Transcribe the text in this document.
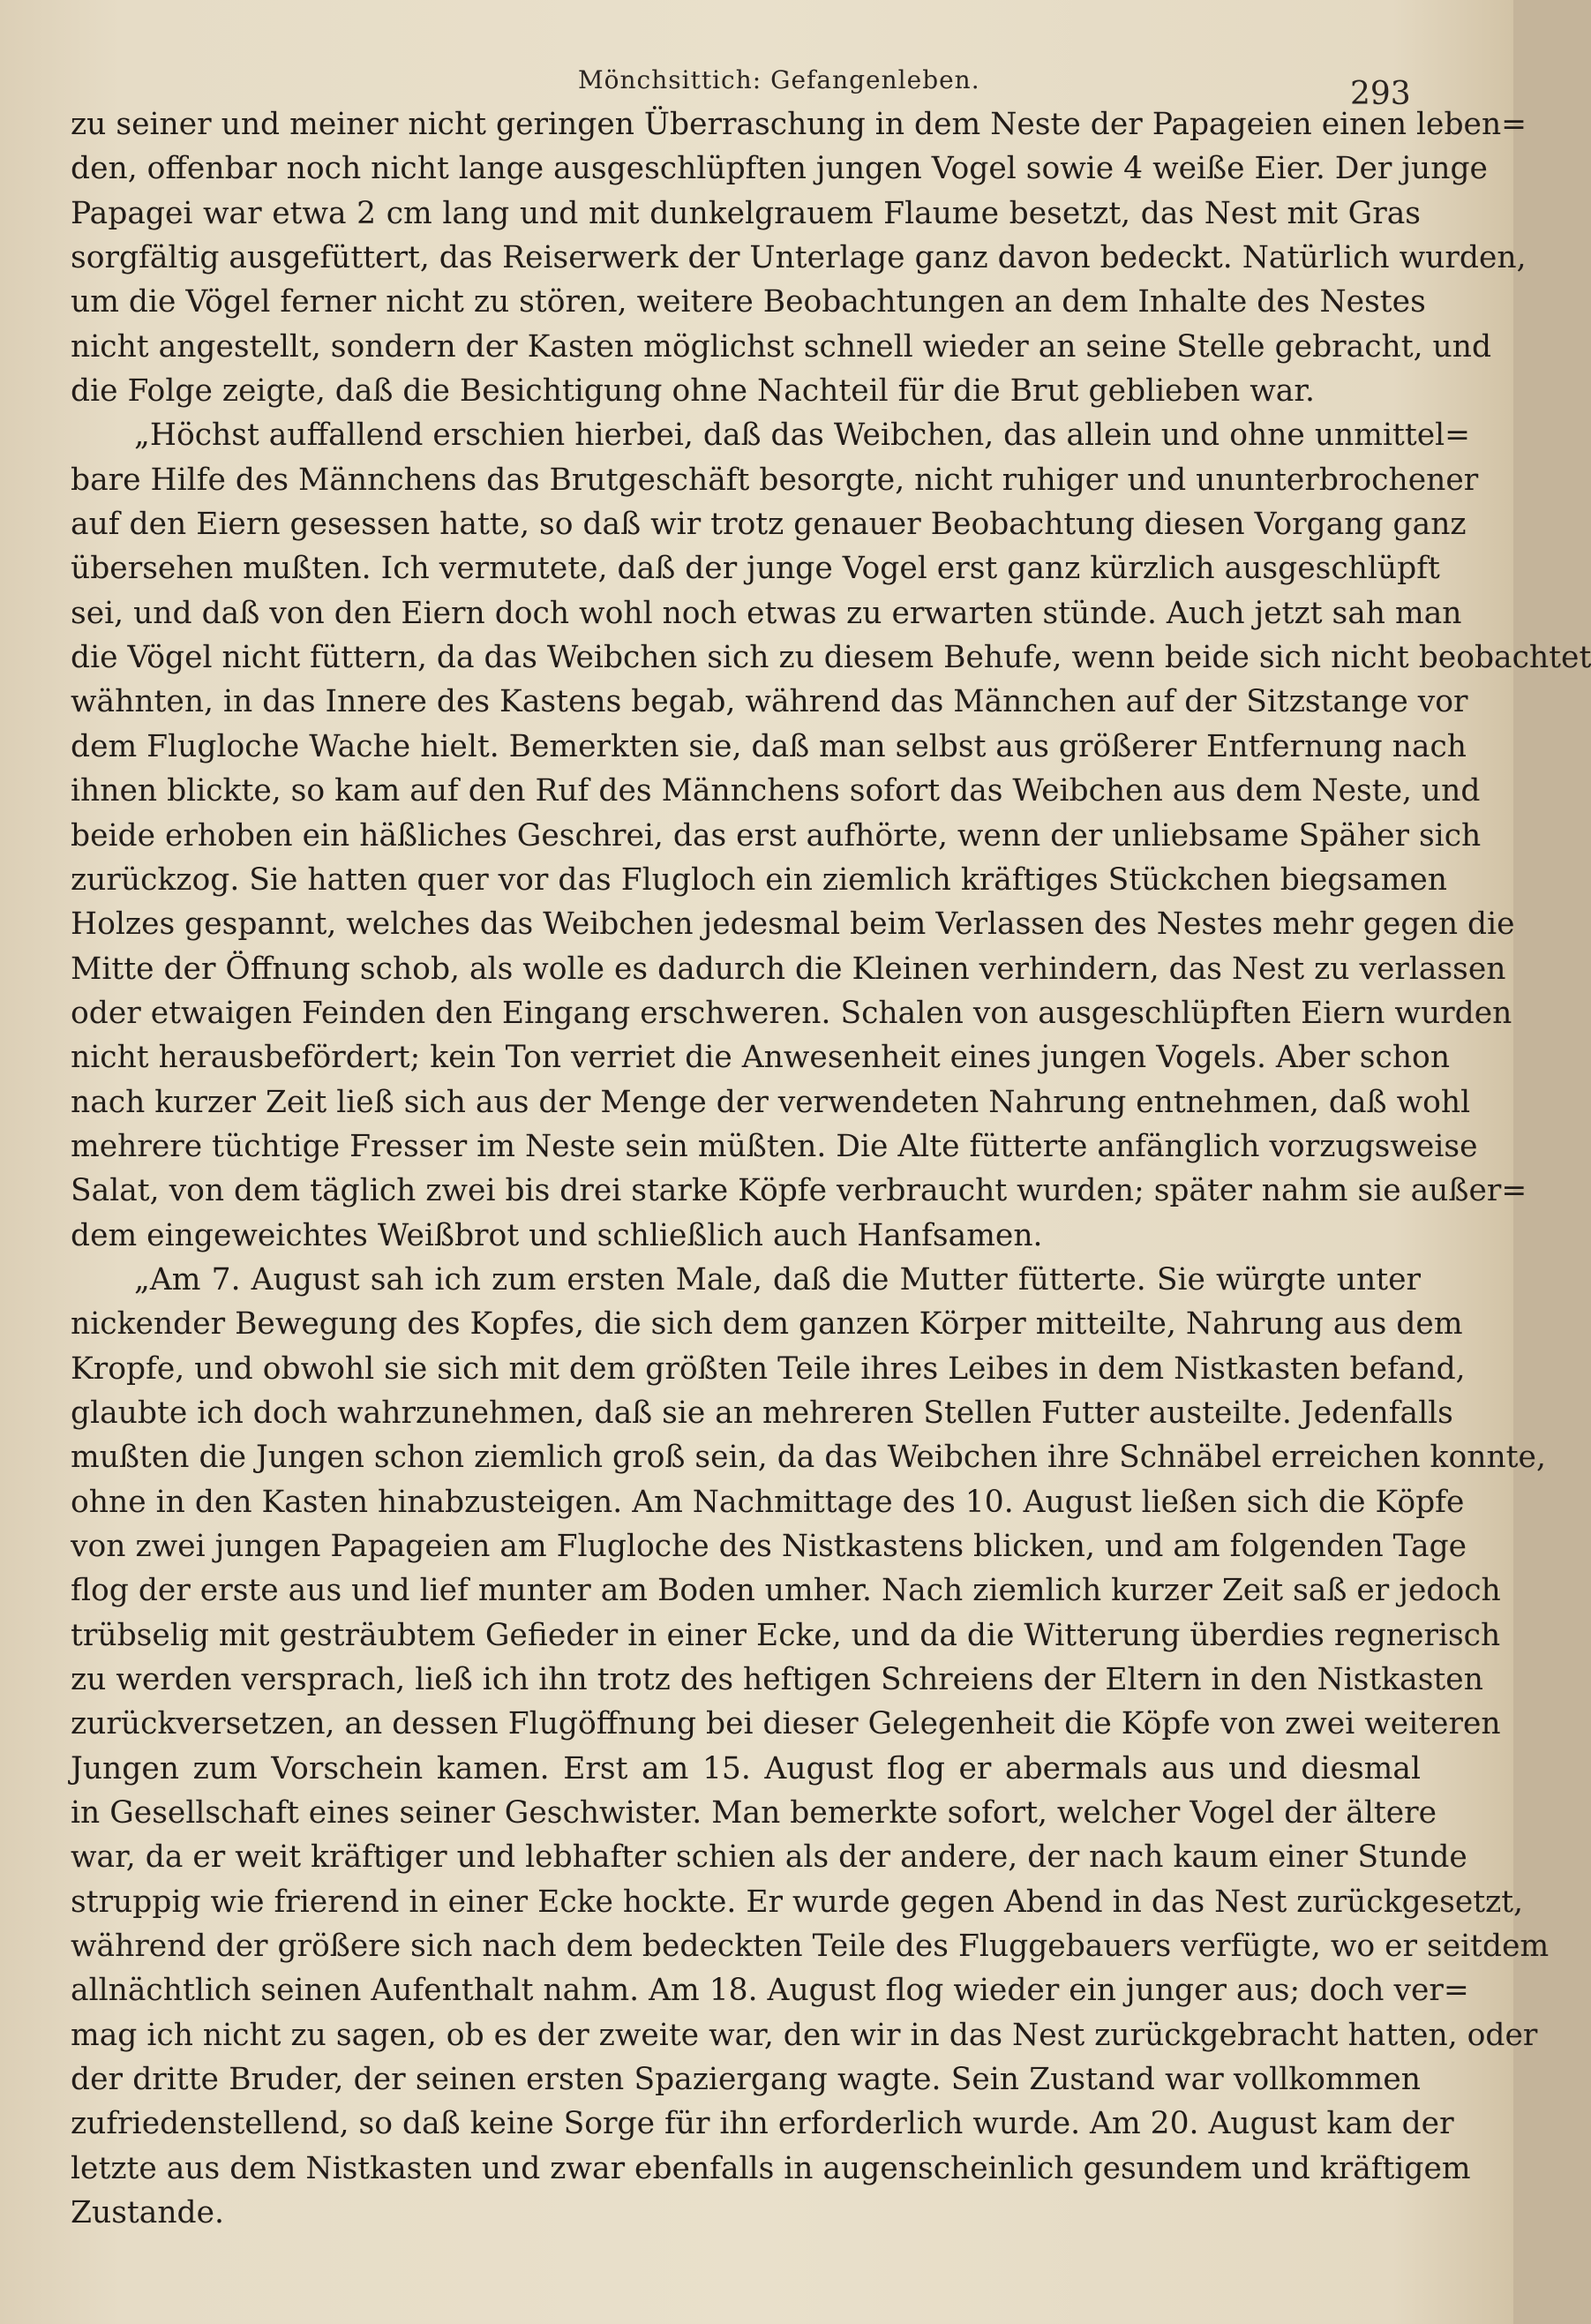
Mönchsittich: Gefangenleben.	293
zu seiner und meiner nicht geringen Überraschung in dem Neste der Papageien einen leben=
den, offenbar noch nicht lange ausgeschlüpften jungen Vogel sowie 4 weiße Eier. Der junge
Papagei war etwa 2 cm lang und mit dunkelgrauem Flaume besetzt, das Nest mit Gras
sorgfältig ausgefüttert, das Reiserwerk der Unterlage ganz davon bedeckt. Natürlich wurden,
um die Vögel ferner nicht zu stören, weitere Beobachtungen an dem Inhalte des Nestes
nicht angestellt, sondern der Kasten möglichst schnell wieder an seine Stelle gebracht, und
die Folge zeigte, daß die Besichtigung ohne Nachteil für die Brut geblieben war.
„Höchst auffallend erschien hierbei, daß das Weibchen, das allein und ohne unmittel=
bare Hilfe des Männchens das Brutgeschäft besorgte, nicht ruhiger und ununterbrochener
auf den Eiern gesessen hatte, so daß wir trotz genauer Beobachtung diesen Vorgang ganz
übersehen mußten. Ich vermutete, daß der junge Vogel erst ganz kürzlich ausgeschlüpft
sei, und daß von den Eiern doch wohl noch etwas zu erwarten stünde. Auch jetzt sah man
die Vögel nicht füttern, da das Weibchen sich zu diesem Behufe, wenn beide sich nicht beobachtet
wähnten, in das Innere des Kastens begab, während das Männchen auf der Sitzstange vor
dem Flugloche Wache hielt. Bemerkten sie, daß man selbst aus größerer Entfernung nach
ihnen blickte, so kam auf den Ruf des Männchens sofort das Weibchen aus dem Neste, und
beide erhoben ein häßliches Geschrei, das erst aufhörte, wenn der unliebsame Späher sich
zurückzog. Sie hatten quer vor das Flugloch ein ziemlich kräftiges Stückchen biegsamen
Holzes gespannt, welches das Weibchen jedesmal beim Verlassen des Nestes mehr gegen die
Mitte der Öffnung schob, als wolle es dadurch die Kleinen verhindern, das Nest zu verlassen
oder etwaigen Feinden den Eingang erschweren. Schalen von ausgeschlüpften Eiern wurden
nicht herausbefördert; kein Ton verriet die Anwesenheit eines jungen Vogels. Aber schon
nach kurzer Zeit ließ sich aus der Menge der verwendeten Nahrung entnehmen, daß wohl
mehrere tüchtige Fresser im Neste sein müßten. Die Alte fütterte anfänglich vorzugsweise
Salat, von dem täglich zwei bis drei starke Köpfe verbraucht wurden; später nahm sie außer=
dem eingeweichtes Weißbrot und schließlich auch Hanfsamen.
„Am 7. August sah ich zum ersten Male, daß die Mutter fütterte. Sie würgte unter
nickender Bewegung des Kopfes, die sich dem ganzen Körper mitteilte, Nahrung aus dem
Kropfe, und obwohl sie sich mit dem größten Teile ihres Leibes in dem Nistkasten befand,
glaubte ich doch wahrzunehmen, daß sie an mehreren Stellen Futter austeilte. Jedenfalls
mußten die Jungen schon ziemlich groß sein, da das Weibchen ihre Schnäbel erreichen konnte,
ohne in den Kasten hinabzusteigen. Am Nachmittage des 10. August ließen sich die Köpfe
von zwei jungen Papageien am Flugloche des Nistkastens blicken, und am folgenden Tage
flog der erste aus und lief munter am Boden umher. Nach ziemlich kurzer Zeit saß er jedoch
trübselig mit gesträubtem Gefieder in einer Ecke, und da die Witterung überdies regnerisch
zu werden versprach, ließ ich ihn trotz des heftigen Schreiens der Eltern in den Nistkasten
zurückversetzen, an dessen Flugöffnung bei dieser Gelegenheit die Köpfe von zwei weiteren
Jungen zum Vorschein kamen. Erst am 15. August flog er abermals aus und diesmal
in Gesellschaft eines seiner Geschwister. Man bemerkte sofort, welcher Vogel der ältere
war, da er weit kräftiger und lebhafter schien als der andere, der nach kaum einer Stunde
struppig wie frierend in einer Ecke hockte. Er wurde gegen Abend in das Nest zurückgesetzt,
während der größere sich nach dem bedeckten Teile des Fluggebauers verfügte, wo er seitdem
allnächtlich seinen Aufenthalt nahm. Am 18. August flog wieder ein junger aus; doch ver=
mag ich nicht zu sagen, ob es der zweite war, den wir in das Nest zurückgebracht hatten, oder
der dritte Bruder, der seinen ersten Spaziergang wagte. Sein Zustand war vollkommen
zufriedenstellend, so daß keine Sorge für ihn erforderlich wurde. Am 20. August kam der
letzte aus dem Nistkasten und zwar ebenfalls in augenscheinlich gesundem und kräftigem
Zustande.
